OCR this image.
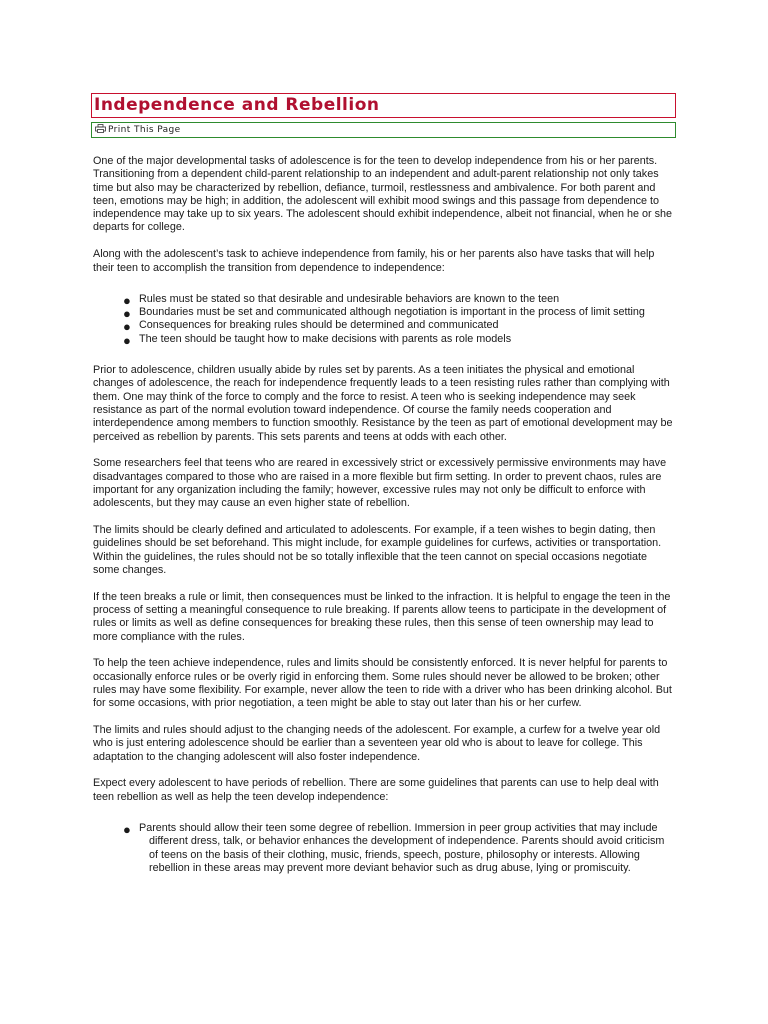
Independence and Rebellion
Print This Page

One of the major developmental tasks of adolescence is for the teen to develop independence from his or her parents. Transitioning from a dependent child-parent relationship to an independent and adult-parent relationship not only takes time but also may be characterized by rebellion, defiance, turmoil, restlessness and ambivalence. For both parent and teen, emotions may be high; in addition, the adolescent will exhibit mood swings and this passage from dependence to independence may take up to six years. The adolescent should exhibit independence, albeit not financial, when he or she departs for college.

Along with the adolescent’s task to achieve independence from family, his or her parents also have tasks that will help their teen to accomplish the transition from dependence to independence:

● Rules must be stated so that desirable and undesirable behaviors are known to the teen
● Boundaries must be set and communicated although negotiation is important in the process of limit setting
● Consequences for breaking rules should be determined and communicated
● The teen should be taught how to make decisions with parents as role models

Prior to adolescence, children usually abide by rules set by parents. As a teen initiates the physical and emotional changes of adolescence, the reach for independence frequently leads to a teen resisting rules rather than complying with them. One may think of the force to comply and the force to resist. A teen who is seeking independence may seek resistance as part of the normal evolution toward independence. Of course the family needs cooperation and interdependence among members to function smoothly. Resistance by the teen as part of emotional development may be perceived as rebellion by parents. This sets parents and teens at odds with each other.

Some researchers feel that teens who are reared in excessively strict or excessively permissive environments may have disadvantages compared to those who are raised in a more flexible but firm setting. In order to prevent chaos, rules are important for any organization including the family; however, excessive rules may not only be difficult to enforce with adolescents, but they may cause an even higher state of rebellion.

The limits should be clearly defined and articulated to adolescents. For example, if a teen wishes to begin dating, then guidelines should be set beforehand. This might include, for example guidelines for curfews, activities or transportation. Within the guidelines, the rules should not be so totally inflexible that the teen cannot on special occasions negotiate some changes.

If the teen breaks a rule or limit, then consequences must be linked to the infraction. It is helpful to engage the teen in the process of setting a meaningful consequence to rule breaking. If parents allow teens to participate in the development of rules or limits as well as define consequences for breaking these rules, then this sense of teen ownership may lead to more compliance with the rules.

To help the teen achieve independence, rules and limits should be consistently enforced. It is never helpful for parents to occasionally enforce rules or be overly rigid in enforcing them. Some rules should never be allowed to be broken; other rules may have some flexibility. For example, never allow the teen to ride with a driver who has been drinking alcohol. But for some occasions, with prior negotiation, a teen might be able to stay out later than his or her curfew.

The limits and rules should adjust to the changing needs of the adolescent. For example, a curfew for a twelve year old who is just entering adolescence should be earlier than a seventeen year old who is about to leave for college. This adaptation to the changing adolescent will also foster independence.

Expect every adolescent to have periods of rebellion. There are some guidelines that parents can use to help deal with teen rebellion as well as help the teen develop independence:

● Parents should allow their teen some degree of rebellion. Immersion in peer group activities that may include different dress, talk, or behavior enhances the development of independence. Parents should avoid criticism of teens on the basis of their clothing, music, friends, speech, posture, philosophy or interests. Allowing rebellion in these areas may prevent more deviant behavior such as drug abuse, lying or promiscuity.
